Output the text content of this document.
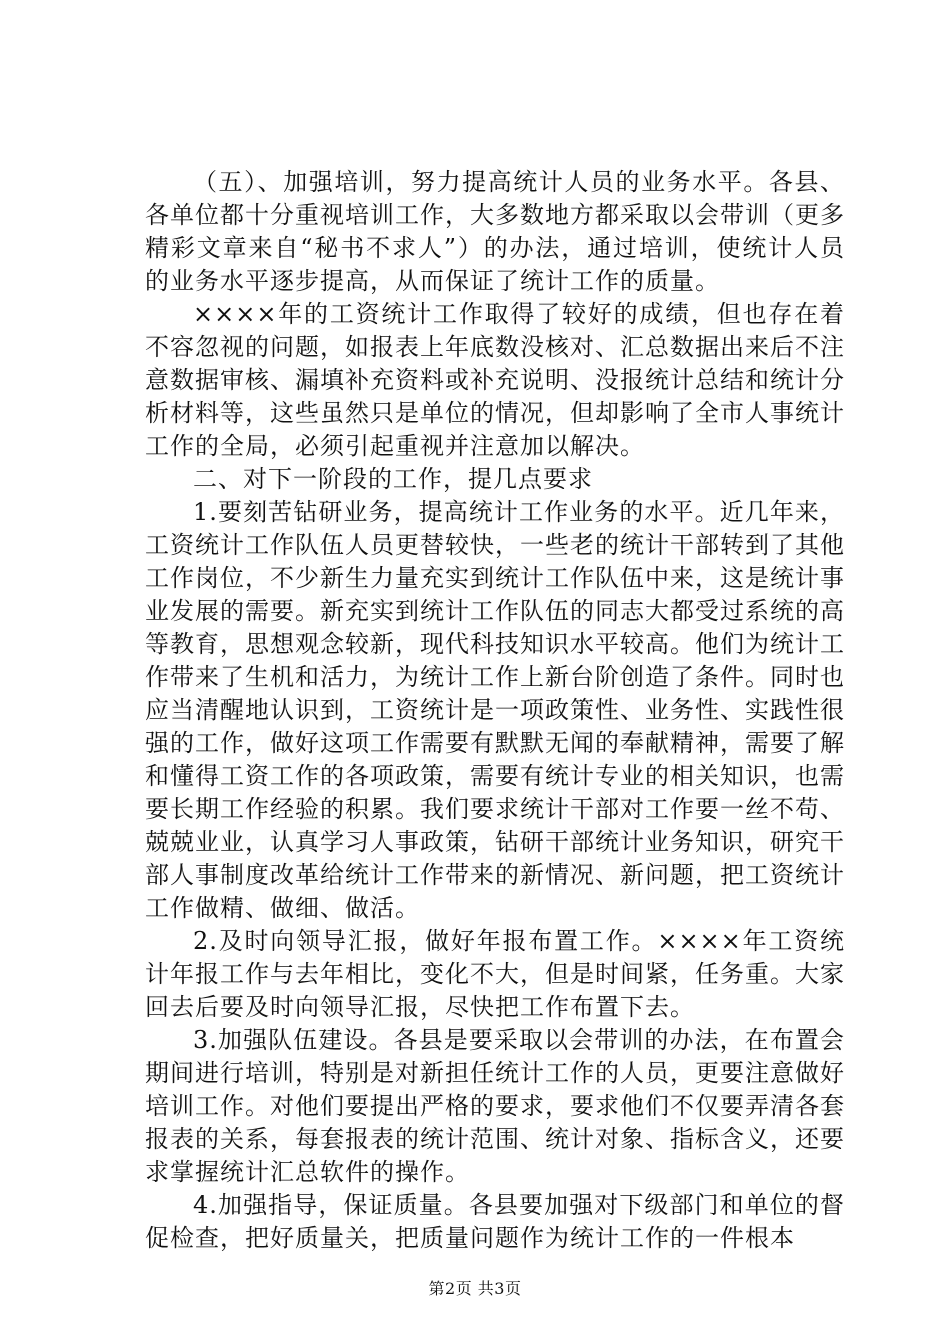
（五）、加强培训，努力提高统计人员的业务水平。各县、各单位都十分重视培训工作，大多数地方都采取以会带训（更多精彩文章来自“秘书不求人”）的办法，通过培训，使统计人员的业务水平逐步提高，从而保证了统计工作的质量。

××××年的工资统计工作取得了较好的成绩，但也存在着不容忽视的问题，如报表上年底数没核对、汇总数据出来后不注意数据审核、漏填补充资料或补充说明、没报统计总结和统计分析材料等，这些虽然只是单位的情况，但却影响了全市人事统计工作的全局，必须引起重视并注意加以解决。

二、对下一阶段的工作，提几点要求

1.要刻苦钻研业务，提高统计工作业务的水平。近几年来，工资统计工作队伍人员更替较快，一些老的统计干部转到了其他工作岗位，不少新生力量充实到统计工作队伍中来，这是统计事业发展的需要。新充实到统计工作队伍的同志大都受过系统的高等教育，思想观念较新，现代科技知识水平较高。他们为统计工作带来了生机和活力，为统计工作上新台阶创造了条件。同时也应当清醒地认识到，工资统计是一项政策性、业务性、实践性很强的工作，做好这项工作需要有默默无闻的奉献精神，需要了解和懂得工资工作的各项政策，需要有统计专业的相关知识，也需要长期工作经验的积累。我们要求统计干部对工作要一丝不苟、兢兢业业，认真学习人事政策，钻研干部统计业务知识，研究干部人事制度改革给统计工作带来的新情况、新问题，把工资统计工作做精、做细、做活。

2.及时向领导汇报，做好年报布置工作。××××年工资统计年报工作与去年相比，变化不大，但是时间紧，任务重。大家回去后要及时向领导汇报，尽快把工作布置下去。

3.加强队伍建设。各县是要采取以会带训的办法，在布置会期间进行培训，特别是对新担任统计工作的人员，更要注意做好培训工作。对他们要提出严格的要求，要求他们不仅要弄清各套报表的关系，每套报表的统计范围、统计对象、指标含义，还要求掌握统计汇总软件的操作。

4.加强指导，保证质量。各县要加强对下级部门和单位的督促检查，把好质量关，把质量问题作为统计工作的一件根本

第2页 共3页
